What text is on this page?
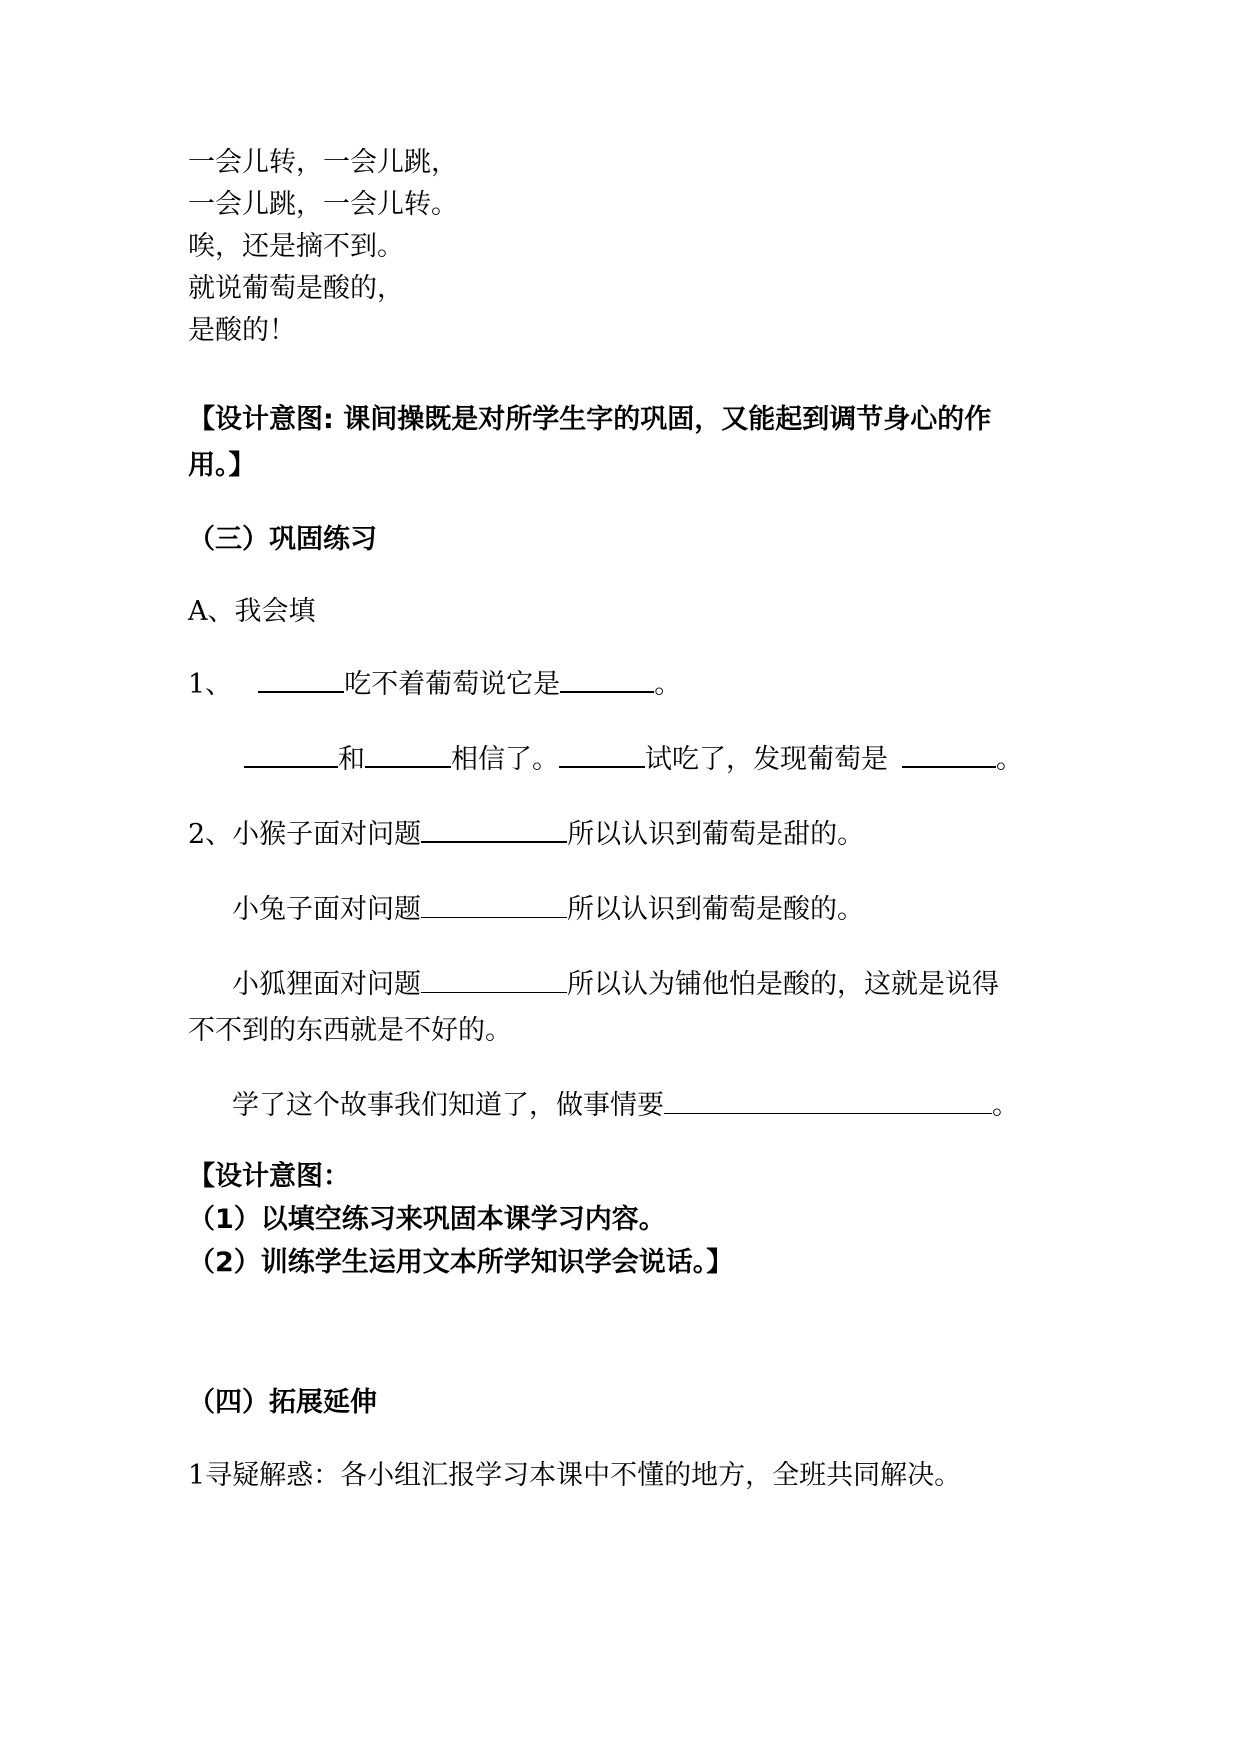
一会儿转，一会儿跳，
一会儿跳，一会儿转。
唉，还是摘不到。
就说葡萄是酸的，
是酸的！
【设计意图: 课间操既是对所学生字的巩固，又能起到调节身心的作
用。】
（三）巩固练习
A、我会填
1、	吃不着葡萄说它是	。
和	相信了。	试吃了，发现葡萄是	。
2、小猴子面对问题	所以认识到葡萄是甜的。
小兔子面对问题	所以认识到葡萄是酸的。
小狐狸面对问题	所以认为铺他怕是酸的，这就是说得
不不到的东西就是不好的。
学了这个故事我们知道了，做事情要	。
【设计意图：
（1）以填空练习来巩固本课学习内容。
（2）训练学生运用文本所学知识学会说话。】
（四）拓展延伸
1寻疑解惑：各小组汇报学习本课中不懂的地方，全班共同解决。
